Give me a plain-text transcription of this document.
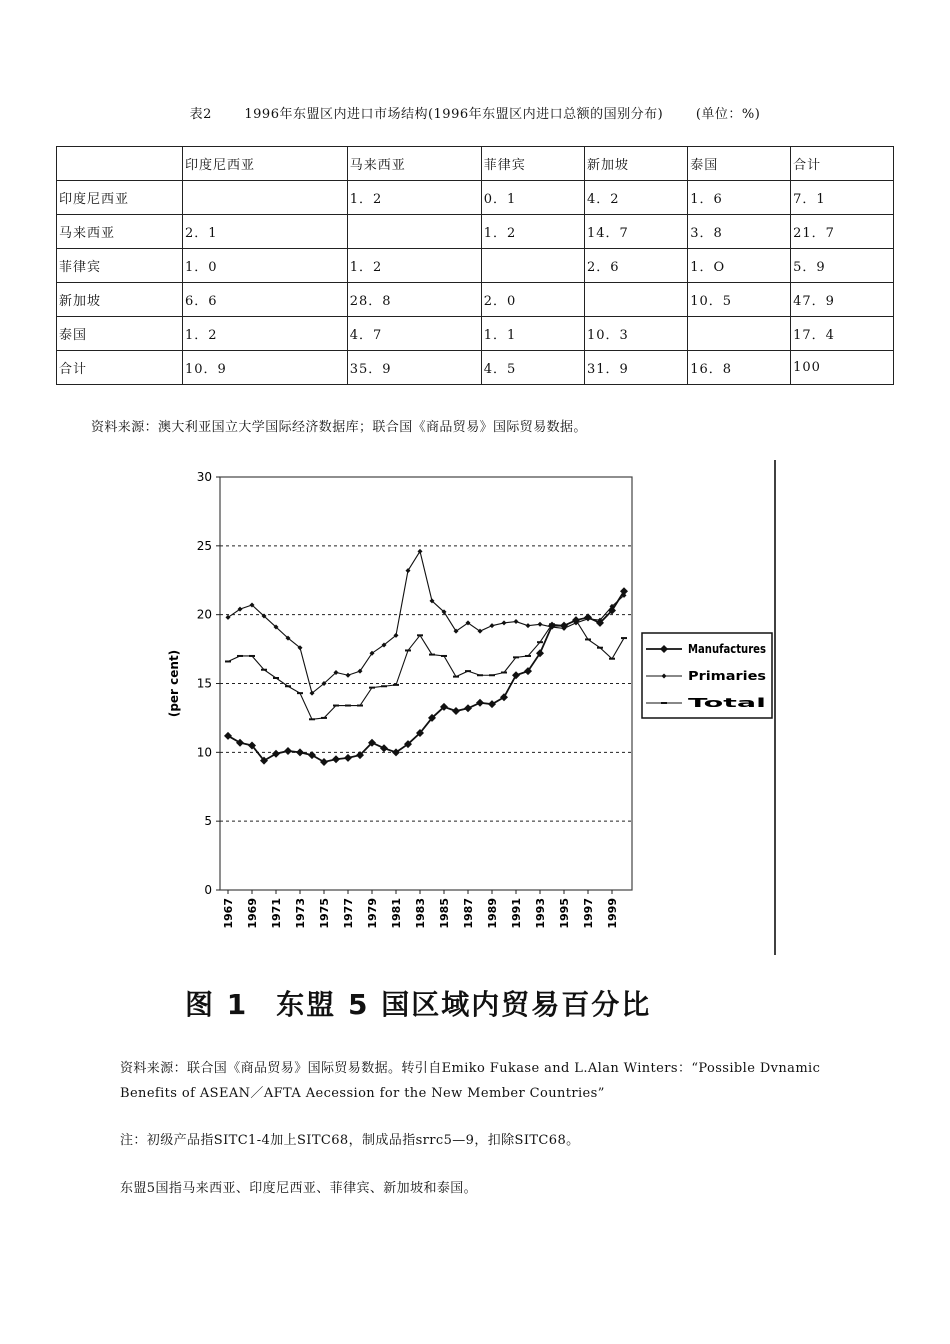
表2 1996年东盟区内进口市场结构(1996年东盟区内进口总额的国别分布)	(单位：%)
	印度尼西亚	马来西亚	菲律宾	新加坡	泰国	合计
印度尼西亚		1．2	0．1	4．2	1．6	7．1
马来西亚	2．1		1．2	14．7	3．8	21．7
菲律宾	1．0	1．2		2．6	1．O	5．9
新加坡	6．6	28．8	2．0		10．5	47．9
泰国	1．2	4．7	1．1	10．3		17．4
合计	10．9	35．9	4．5	31．9	16．8	100
资料来源：澳大利亚国立大学国际经济数据库；联合国《商品贸易》国际贸易数据。
0
5
10
15
20
25
30
(per cent)
1967 1969 1971 1973 1975 1977 1979 1981 1983 1985 1987 1989 1991 1993 1995 1997 1999
Manufactures
Primaries
Total
图 1 东盟 5 国区域内贸易百分比
资料来源：联合国《商品贸易》国际贸易数据。转引自Emiko Fukase and L.Alan Winters：“Possible Dvnamic Benefits of ASEAN／AFTA Aecession for the New Member Countries”
注：初级产品指SITC1-4加上SITC68，制成品指srrc5—9，扣除SITC68。
东盟5国指马来西亚、印度尼西亚、菲律宾、新加坡和泰国。
